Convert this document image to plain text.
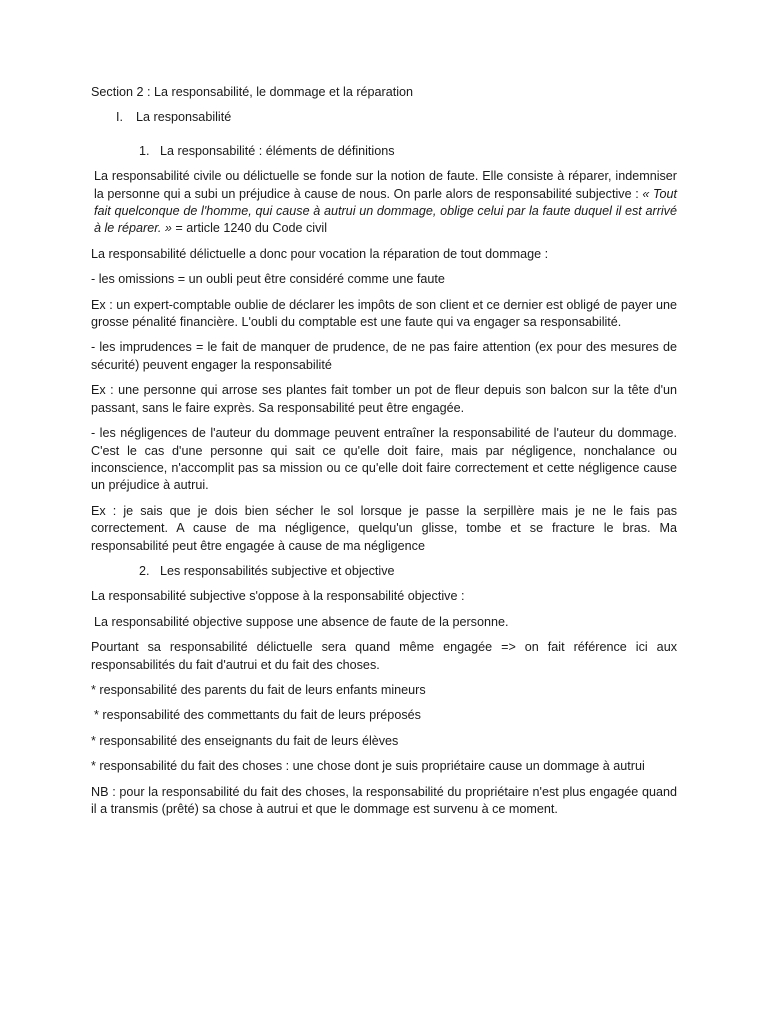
Section 2 : La responsabilité, le dommage et la réparation

I.	La responsabilité

1. La responsabilité : éléments de définitions

La responsabilité civile ou délictuelle se fonde sur la notion de faute. Elle consiste à réparer, indemniser la personne qui a subi un préjudice à cause de nous. On parle alors de responsabilité subjective : « Tout fait quelconque de l'homme, qui cause à autrui un dommage, oblige celui par la faute duquel il est arrivé à le réparer. » = article 1240 du Code civil

La responsabilité délictuelle a donc pour vocation la réparation de tout dommage :

- les omissions = un oubli peut être considéré comme une faute

Ex : un expert-comptable oublie de déclarer les impôts de son client et ce dernier est obligé de payer une grosse pénalité financière. L'oubli du comptable est une faute qui va engager sa responsabilité.

- les imprudences = le fait de manquer de prudence, de ne pas faire attention (ex pour des mesures de sécurité) peuvent engager la responsabilité

Ex : une personne qui arrose ses plantes fait tomber un pot de fleur depuis son balcon sur la tête d'un passant, sans le faire exprès. Sa responsabilité peut être engagée.

- les négligences de l'auteur du dommage peuvent entraîner la responsabilité de l'auteur du dommage. C'est le cas d'une personne qui sait ce qu'elle doit faire, mais par négligence, nonchalance ou inconscience, n'accomplit pas sa mission ou ce qu'elle doit faire correctement et cette négligence cause un préjudice à autrui.

Ex : je sais que je dois bien sécher le sol lorsque je passe la serpillère mais je ne le fais pas correctement. A cause de ma négligence, quelqu'un glisse, tombe et se fracture le bras. Ma responsabilité peut être engagée à cause de ma négligence

2. Les responsabilités subjective et objective

La responsabilité subjective s'oppose à la responsabilité objective :

La responsabilité objective suppose une absence de faute de la personne.

Pourtant sa responsabilité délictuelle sera quand même engagée => on fait référence ici aux responsabilités du fait d'autrui et du fait des choses.

* responsabilité des parents du fait de leurs enfants mineurs

* responsabilité des commettants du fait de leurs préposés

* responsabilité des enseignants du fait de leurs élèves

* responsabilité du fait des choses : une chose dont je suis propriétaire cause un dommage à autrui

NB : pour la responsabilité du fait des choses, la responsabilité du propriétaire n'est plus engagée quand il a transmis (prêté) sa chose à autrui et que le dommage est survenu à ce moment.
